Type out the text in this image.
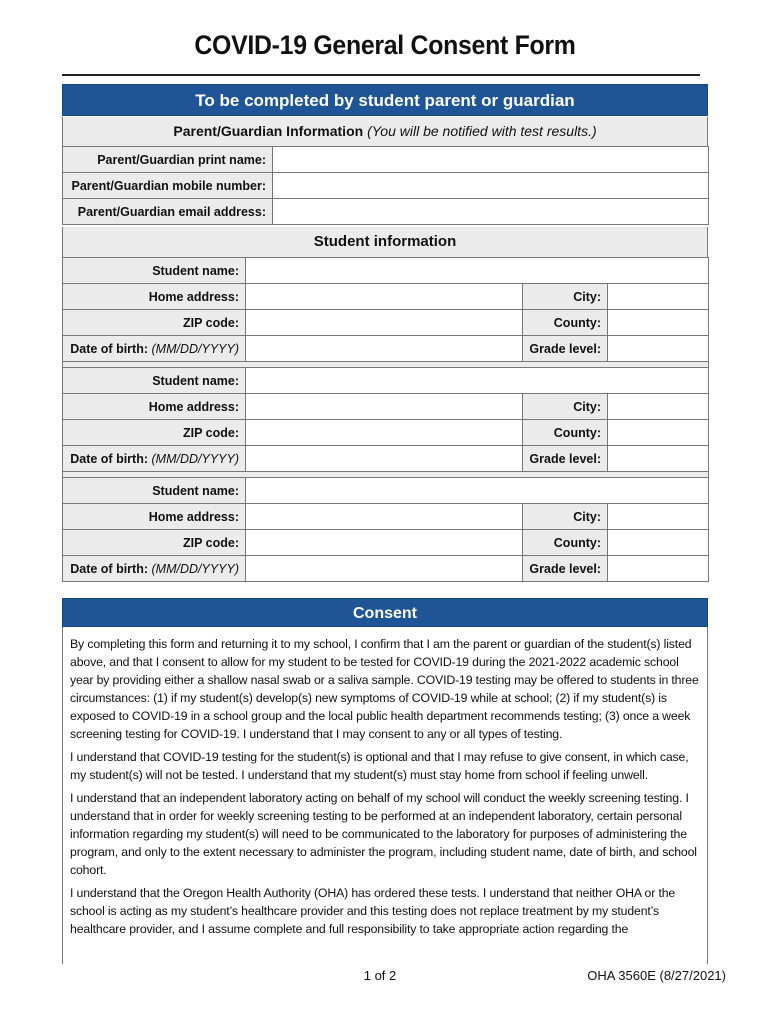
COVID-19 General Consent Form
To be completed by student parent or guardian
Parent/Guardian Information (You will be notified with test results.)
Parent/Guardian print name:	
Parent/Guardian mobile number:	
Parent/Guardian email address:	
Student information
Student name:			
Home address:		City:	
ZIP code:		County:	
Date of birth: (MM/DD/YYYY)		Grade level:	

Student name:			
Home address:		City:	
ZIP code:		County:	
Date of birth: (MM/DD/YYYY)		Grade level:	

Student name:			
Home address:		City:	
ZIP code:		County:	
Date of birth: (MM/DD/YYYY)		Grade level:	
Consent

By completing this form and returning it to my school, I confirm that I am the parent or guardian of the student(s) listed above, and that I consent to allow for my student to be tested for COVID-19 during the 2021-2022 academic school year by providing either a shallow nasal swab or a saliva sample. COVID-19 testing may be offered to students in three circumstances: (1) if my student(s) develop(s) new symptoms of COVID-19 while at school; (2) if my student(s) is exposed to COVID-19 in a school group and the local public health department recommends testing; (3) once a week screening testing for COVID-19. I understand that I may consent to any or all types of testing.

I understand that COVID-19 testing for the student(s) is optional and that I may refuse to give consent, in which case, my student(s) will not be tested. I understand that my student(s) must stay home from school if feeling unwell.

I understand that an independent laboratory acting on behalf of my school will conduct the weekly screening testing. I understand that in order for weekly screening testing to be performed at an independent laboratory, certain personal information regarding my student(s) will need to be communicated to the laboratory for purposes of administering the program, and only to the extent necessary to administer the program, including student name, date of birth, and school cohort.

I understand that the Oregon Health Authority (OHA) has ordered these tests. I understand that neither OHA or the school is acting as my student’s healthcare provider and this testing does not replace treatment by my student’s healthcare provider, and I assume complete and full responsibility to take appropriate action regarding the

1 of 2	OHA 3560E (8/27/2021)
